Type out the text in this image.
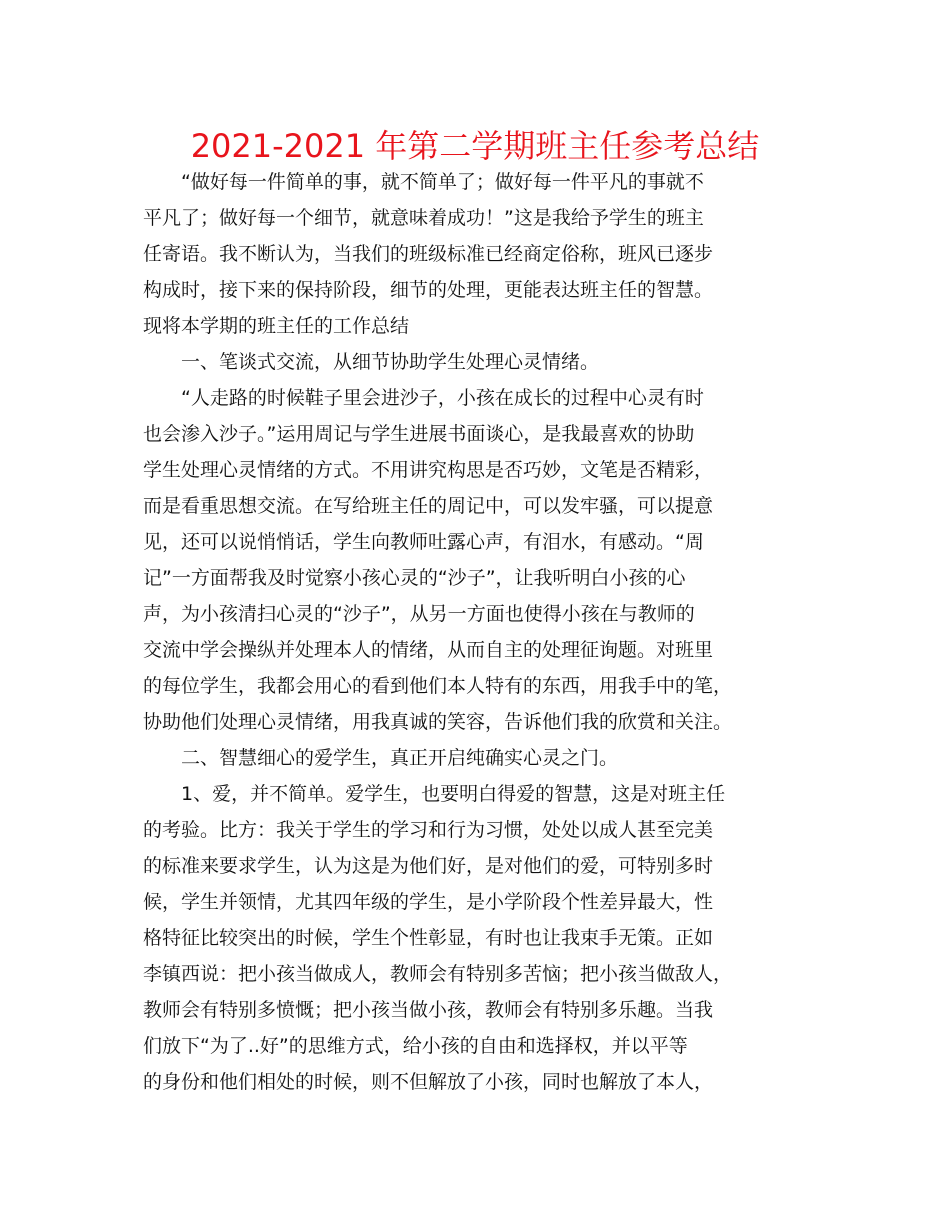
2021-2021 年第二学期班主任参考总结
“做好每一件简单的事，就不简单了；做好每一件平凡的事就不
平凡了；做好每一个细节，就意味着成功！”这是我给予学生的班主
任寄语。我不断认为，当我们的班级标准已经商定俗称，班风已逐步
构成时，接下来的保持阶段，细节的处理，更能表达班主任的智慧。
现将本学期的班主任的工作总结
一、笔谈式交流，从细节协助学生处理心灵情绪。
“人走路的时候鞋子里会进沙子，小孩在成长的过程中心灵有时
也会渗入沙子。”运用周记与学生进展书面谈心，是我最喜欢的协助
学生处理心灵情绪的方式。不用讲究构思是否巧妙，文笔是否精彩，
而是看重思想交流。在写给班主任的周记中，可以发牢骚，可以提意
见，还可以说悄悄话，学生向教师吐露心声，有泪水，有感动。“周
记”一方面帮我及时觉察小孩心灵的“沙子”，让我听明白小孩的心
声，为小孩清扫心灵的“沙子”，从另一方面也使得小孩在与教师的
交流中学会操纵并处理本人的情绪，从而自主的处理征询题。对班里
的每位学生，我都会用心的看到他们本人特有的东西，用我手中的笔，
协助他们处理心灵情绪，用我真诚的笑容，告诉他们我的欣赏和关注。
二、智慧细心的爱学生，真正开启纯确实心灵之门。
1、爱，并不简单。爱学生，也要明白得爱的智慧，这是对班主任
的考验。比方：我关于学生的学习和行为习惯，处处以成人甚至完美
的标准来要求学生，认为这是为他们好，是对他们的爱，可特别多时
候，学生并领情，尤其四年级的学生，是小学阶段个性差异最大，性
格特征比较突出的时候，学生个性彰显，有时也让我束手无策。正如
李镇西说：把小孩当做成人，教师会有特别多苦恼；把小孩当做敌人，
教师会有特别多愤慨；把小孩当做小孩，教师会有特别多乐趣。当我
们放下“为了..好”的思维方式，给小孩的自由和选择权，并以平等
的身份和他们相处的时候，则不但解放了小孩，同时也解放了本人，
